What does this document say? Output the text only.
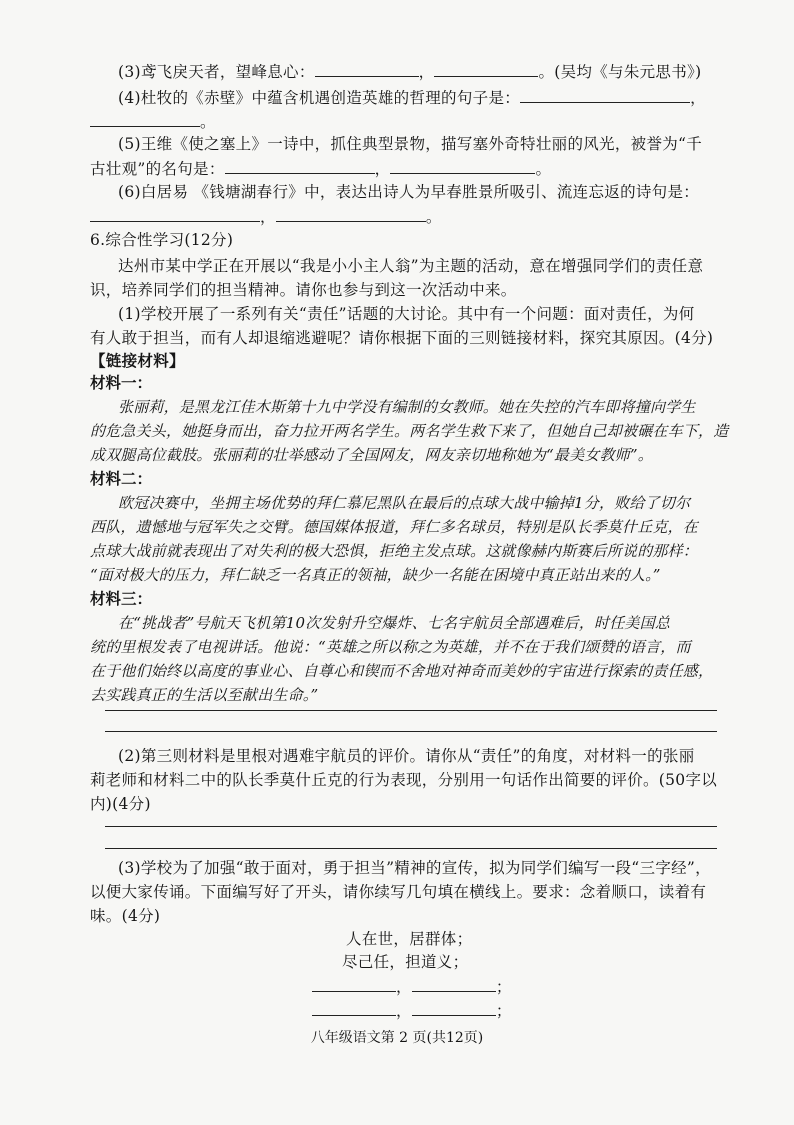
(3)鸢飞戾天者，望峰息心：	，	。(吴均《与朱元思书》)
(4)杜牧的《赤壁》中蕴含机遇创造英雄的哲理的句子是：	，
。
(5)王维《使之塞上》一诗中，抓住典型景物，描写塞外奇特壮丽的风光，被誉为“千
古壮观”的名句是：	，	。
(6)白居易 《钱塘湖春行》中，表达出诗人为早春胜景所吸引、流连忘返的诗句是：
，	。
6.综合性学习(12分)
达州市某中学正在开展以“我是小小主人翁”为主题的活动，意在增强同学们的责任意
识，培养同学们的担当精神。请你也参与到这一次活动中来。
(1)学校开展了一系列有关“责任”话题的大讨论。其中有一个问题：面对责任，为何
有人敢于担当，而有人却退缩逃避呢？请你根据下面的三则链接材料，探究其原因。(4分)
【链接材料】
材料一：
张丽莉，是黑龙江佳木斯第十九中学没有编制的女教师。她在失控的汽车即将撞向学生
的危急关头，她挺身而出，奋力拉开两名学生。两名学生救下来了，但她自己却被碾在车下，造
成双腿高位截肢。张丽莉的壮举感动了全国网友，网友亲切地称她为“最美女教师”。
材料二：
欧冠决赛中，坐拥主场优势的拜仁慕尼黑队在最后的点球大战中输掉1分，败给了切尔
西队，遗憾地与冠军失之交臂。德国媒体报道，拜仁多名球员，特别是队长季莫什丘克，在
点球大战前就表现出了对失利的极大恐惧，拒绝主发点球。这就像赫内斯赛后所说的那样：
“面对极大的压力，拜仁缺乏一名真正的领袖，缺少一名能在困境中真正站出来的人。”
材料三：
在“挑战者”号航天飞机第10次发射升空爆炸、七名宇航员全部遇难后，时任美国总
统的里根发表了电视讲话。他说：“英雄之所以称之为英雄，并不在于我们颂赞的语言，而
在于他们始终以高度的事业心、自尊心和锲而不舍地对神奇而美妙的宇宙进行探索的责任感，
去实践真正的生活以至献出生命。”
(2)第三则材料是里根对遇难宇航员的评价。请你从“责任”的角度，对材料一的张丽
莉老师和材料二中的队长季莫什丘克的行为表现，分别用一句话作出简要的评价。(50字以
内)(4分)
(3)学校为了加强“敢于面对，勇于担当”精神的宣传，拟为同学们编写一段“三字经”，
以便大家传诵。下面编写好了开头，请你续写几句填在横线上。要求：念着顺口，读着有
味。(4分)
人在世，居群体；
尽己任，担道义；
，	；
，	；
八年级语文第 2 页(共12页)
